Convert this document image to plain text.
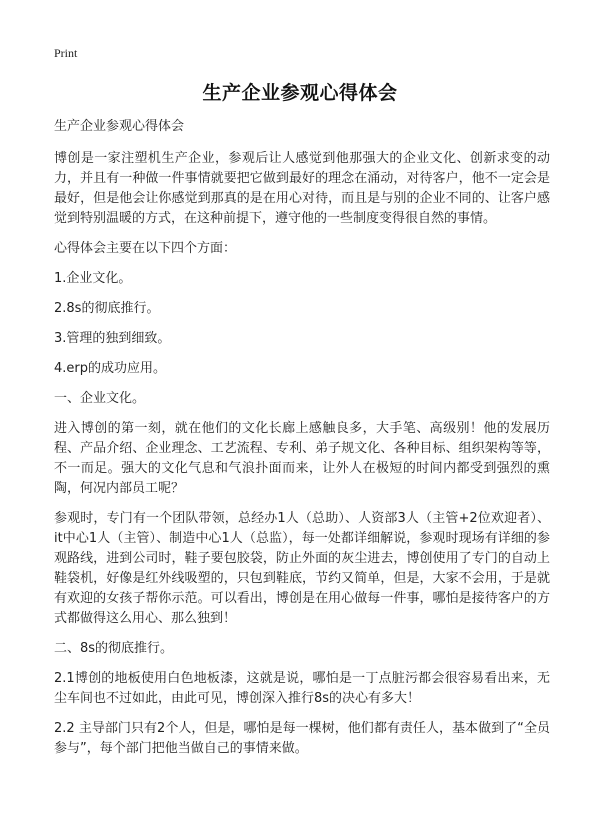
Print
生产企业参观心得体会

生产企业参观心得体会

博创是一家注塑机生产企业，参观后让人感觉到他那强大的企业文化、创新求变的动力，并且有一种做一件事情就要把它做到最好的理念在涌动，对待客户，他不一定会是最好，但是他会让你感觉到那真的是在用心对待，而且是与别的企业不同的、让客户感觉到特别温暖的方式，在这种前提下，遵守他的一些制度变得很自然的事情。

心得体会主要在以下四个方面：

1.企业文化。

2.8s的彻底推行。

3.管理的独到细致。

4.erp的成功应用。

一、企业文化。

进入博创的第一刻，就在他们的文化长廊上感触良多，大手笔、高级别！他的发展历程、产品介绍、企业理念、工艺流程、专利、弟子规文化、各种目标、组织架构等等，不一而足。强大的文化气息和气浪扑面而来，让外人在极短的时间内都受到强烈的熏陶，何况内部员工呢？

参观时，专门有一个团队带领，总经办1人（总助）、人资部3人（主管+2位欢迎者）、it中心1人（主管）、制造中心1人（总监），每一处都详细解说，参观时现场有详细的参观路线，进到公司时，鞋子要包胶袋，防止外面的灰尘进去，博创使用了专门的自动上鞋袋机，好像是红外线吸塑的，只包到鞋底，节约又简单，但是，大家不会用，于是就有欢迎的女孩子帮你示范。可以看出，博创是在用心做每一件事，哪怕是接待客户的方式都做得这么用心、那么独到！

二、8s的彻底推行。

2.1博创的地板使用白色地板漆，这就是说，哪怕是一丁点脏污都会很容易看出来，无尘车间也不过如此，由此可见，博创深入推行8s的决心有多大！

2.2 主导部门只有2个人，但是，哪怕是每一棵树，他们都有责任人，基本做到了“全员参与”，每个部门把他当做自己的事情来做。
